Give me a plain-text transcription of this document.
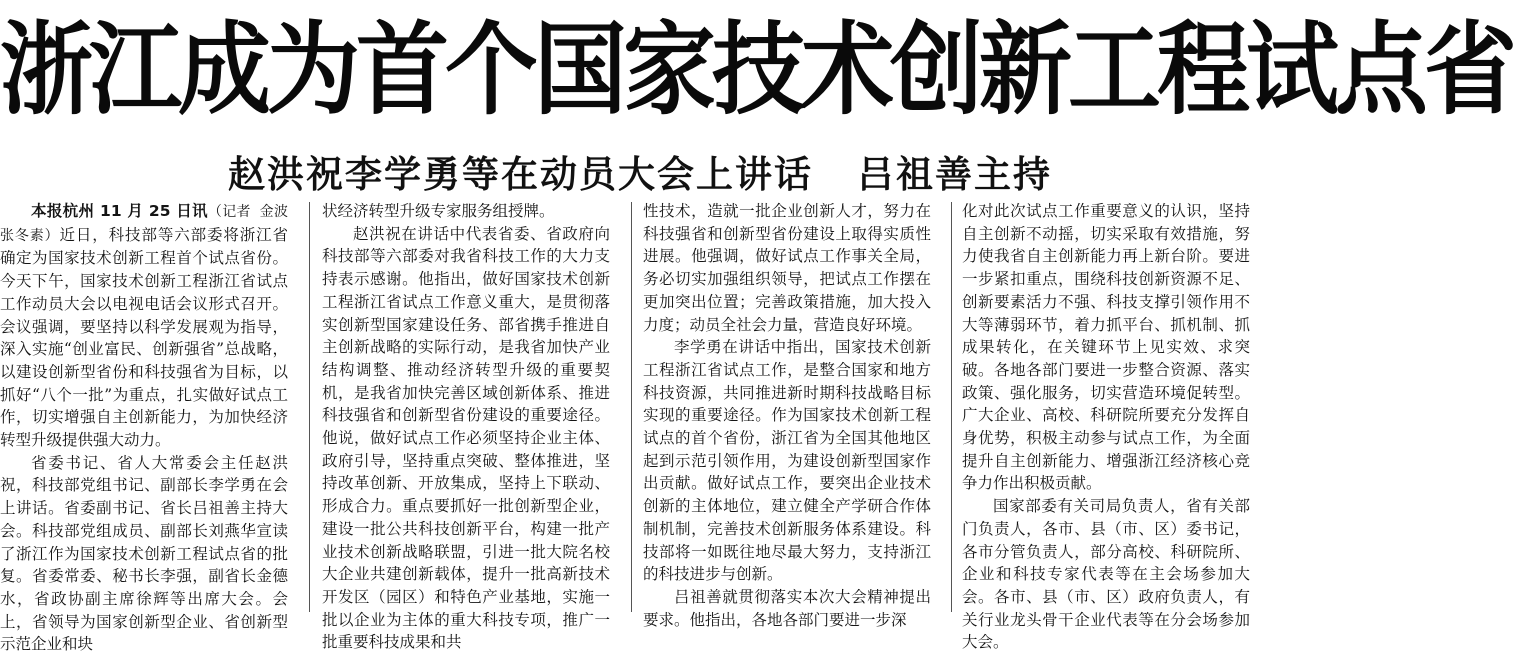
浙江成为首个国家技术创新工程试点省
赵洪祝李学勇等在动员大会上讲话 吕祖善主持

本报杭州 11 月 25 日讯（记者 金波 张冬素）近日，科技部等六部委将浙江省确定为国家技术创新工程首个试点省份。今天下午，国家技术创新工程浙江省试点工作动员大会以电视电话会议形式召开。会议强调，要坚持以科学发展观为指导，深入实施“创业富民、创新强省”总战略，以建设创新型省份和科技强省为目标，以抓好“八个一批”为重点，扎实做好试点工作，切实增强自主创新能力，为加快经济转型升级提供强大动力。

省委书记、省人大常委会主任赵洪祝，科技部党组书记、副部长李学勇在会上讲话。省委副书记、省长吕祖善主持大会。科技部党组成员、副部长刘燕华宣读了浙江作为国家技术创新工程试点省的批复。省委常委、秘书长李强，副省长金德水，省政协副主席徐辉等出席大会。会上，省领导为国家创新型企业、省创新型示范企业和块

状经济转型升级专家服务组授牌。

赵洪祝在讲话中代表省委、省政府向科技部等六部委对我省科技工作的大力支持表示感谢。他指出，做好国家技术创新工程浙江省试点工作意义重大，是贯彻落实创新型国家建设任务、部省携手推进自主创新战略的实际行动，是我省加快产业结构调整、推动经济转型升级的重要契机，是我省加快完善区域创新体系、推进科技强省和创新型省份建设的重要途径。他说，做好试点工作必须坚持企业主体、政府引导，坚持重点突破、整体推进，坚持改革创新、开放集成，坚持上下联动、形成合力。重点要抓好一批创新型企业，建设一批公共科技创新平台，构建一批产业技术创新战略联盟，引进一批大院名校大企业共建创新载体，提升一批高新技术开发区（园区）和特色产业基地，实施一批以企业为主体的重大科技专项，推广一批重要科技成果和共

性技术，造就一批企业创新人才，努力在科技强省和创新型省份建设上取得实质性进展。他强调，做好试点工作事关全局，务必切实加强组织领导，把试点工作摆在更加突出位置；完善政策措施，加大投入力度；动员全社会力量，营造良好环境。

李学勇在讲话中指出，国家技术创新工程浙江省试点工作，是整合国家和地方科技资源，共同推进新时期科技战略目标实现的重要途径。作为国家技术创新工程试点的首个省份，浙江省为全国其他地区起到示范引领作用，为建设创新型国家作出贡献。做好试点工作，要突出企业技术创新的主体地位，建立健全产学研合作体制机制，完善技术创新服务体系建设。科技部将一如既往地尽最大努力，支持浙江的科技进步与创新。

吕祖善就贯彻落实本次大会精神提出要求。他指出，各地各部门要进一步深

化对此次试点工作重要意义的认识，坚持自主创新不动摇，切实采取有效措施，努力使我省自主创新能力再上新台阶。要进一步紧扣重点，围绕科技创新资源不足、创新要素活力不强、科技支撑引领作用不大等薄弱环节，着力抓平台、抓机制、抓成果转化，在关键环节上见实效、求突破。各地各部门要进一步整合资源、落实政策、强化服务，切实营造环境促转型。广大企业、高校、科研院所要充分发挥自身优势，积极主动参与试点工作，为全面提升自主创新能力、增强浙江经济核心竞争力作出积极贡献。

国家部委有关司局负责人，省有关部门负责人，各市、县（市、区）委书记，各市分管负责人，部分高校、科研院所、企业和科技专家代表等在主会场参加大会。各市、县（市、区）政府负责人，有关行业龙头骨干企业代表等在分会场参加大会。
